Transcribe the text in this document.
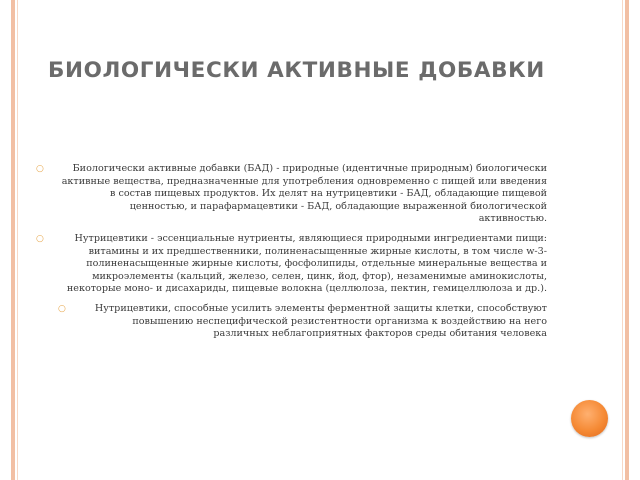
БИОЛОГИЧЕСКИ АКТИВНЫЕ ДОБАВКИ

○	Биологически активные добавки (БАД) - природные (идентичные природным) биологически активные вещества, предназначенные для употребления одновременно с пищей или введения в состав пищевых продуктов. Их делят на нутрицевтики - БАД, обладающие пищевой ценностью, и парафармацевтики - БАД, обладающие выраженной биологической активностью.

○	Нутрицевтики - эссенциальные нутриенты, являющиеся природными ингредиентами пищи: витамины и их предшественники, полиненасыщенные жирные кислоты, в том числе w-3-полиненасыщенные жирные кислоты, фосфолипиды, отдельные минеральные вещества и микроэлементы (кальций, железо, селен, цинк, йод, фтор), незаменимые аминокислоты, некоторые моно- и дисахариды, пищевые волокна (целлюлоза, пектин, гемицеллюлоза и др.).

○	Нутрицевтики, способные усилить элементы ферментной защиты клетки, способствуют повышению неспецифической резистентности организма к воздействию на него различных неблагоприятных факторов среды обитания человека
